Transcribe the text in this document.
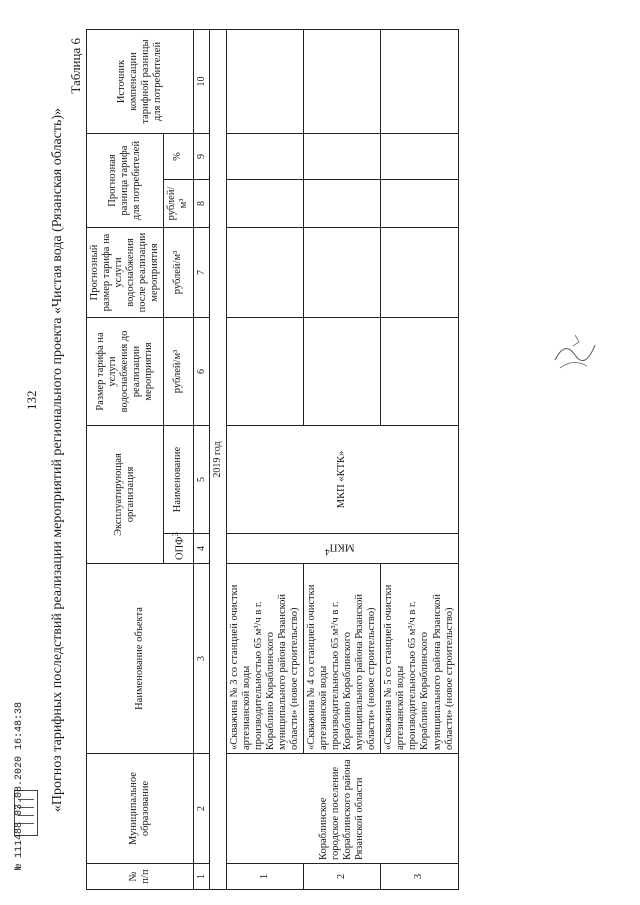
132 «Прогноз тарифных последствий реализации мероприятий регионального проекта «Чистая вода (Рязанская область)»
Таблица 6
№ п/п	Муниципальное образование	Наименование объекта	Эксплуатирующая организация		Размер тарифа на услуги водоснабжения до реализации мероприятия	Прогнозный размер тарифа на услуги водоснабжения после реализации мероприятия	Прогнозная разница тарифа для потребителей		Источник компенсации тарифной разницы для потребителей
			ОПФ$^3$	Наименование	рублей/м³	рублей/м³	рублей/м³	%	
1	2	3	4	5	6	7	8	9	10
2019 год									
1	Кораблинское городское поселение Кораблинского района Рязанской области	«Скважина № 3 со станцией очистки артезианской воды производительностью 65 м³/ч в г. Кораблино Кораблинского муниципального района Рязанской области» (новое строительство)	МКП$^4$	МКП «КТК»					
2		«Скважина № 4 со станцией очистки артезианской воды производительностью 65 м³/ч в г. Кораблино Кораблинского муниципального района Рязанской области» (новое строительство)							
3		«Скважина № 5 со станцией очистки артезианской воды производительностью 65 м³/ч в г. Кораблино Кораблинского муниципального района Рязанской области» (новое строительство)							
№ 111488 03.08.2020 16:48:38
